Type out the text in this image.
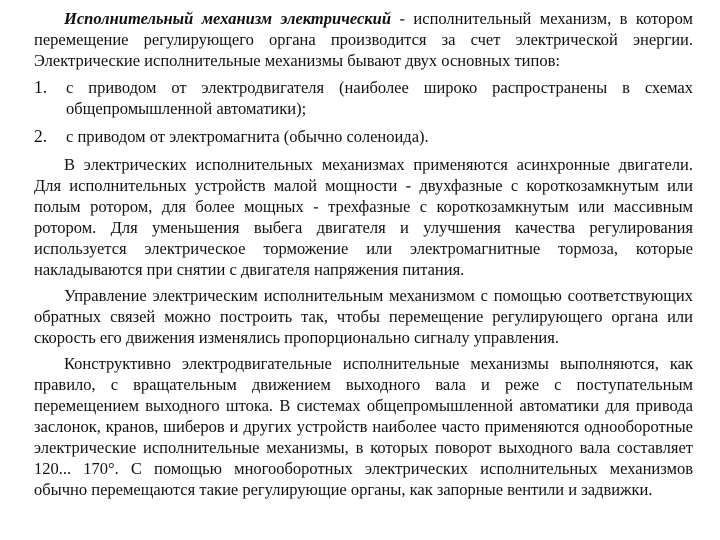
Исполнительный механизм электрический - исполнительный механизм, в котором перемещение регулирующего органа производится за счет электрической энергии. Электрические исполнительные механизмы бывают двух основных типов:

1.	с приводом от электродвигателя (наиболее широко распространены в схемах общепромышленной автоматики);
2.	с приводом от электромагнита (обычно соленоида).

В электрических исполнительных механизмах применяются асинхронные двигатели. Для исполнительных устройств малой мощности - двухфазные с короткозамкнутым или полым ротором, для более мощных - трехфазные с короткозамкнутым или массивным ротором. Для уменьшения выбега двигателя и улучшения качества регулирования используется электрическое торможение или электромагнитные тормоза, которые накладываются при снятии с двигателя напряжения питания.

Управление электрическим исполнительным механизмом с помощью соответствующих обратных связей можно построить так, чтобы перемещение регулирующего органа или скорость его движения изменялись пропорционально сигналу управления.

Конструктивно электродвигательные исполнительные механизмы выполняются, как правило, с вращательным движением выходного вала и реже с поступательным перемещением выходного штока. В системах общепромышленной автоматики для привода заслонок, кранов, шиберов и других устройств наиболее часто применяются однооборотные электрические исполнительные механизмы, в которых поворот выходного вала составляет 120... 170°. С помощью многооборотных электрических исполнительных механизмов обычно перемещаются такие регулирующие органы, как запорные вентили и задвижки.
